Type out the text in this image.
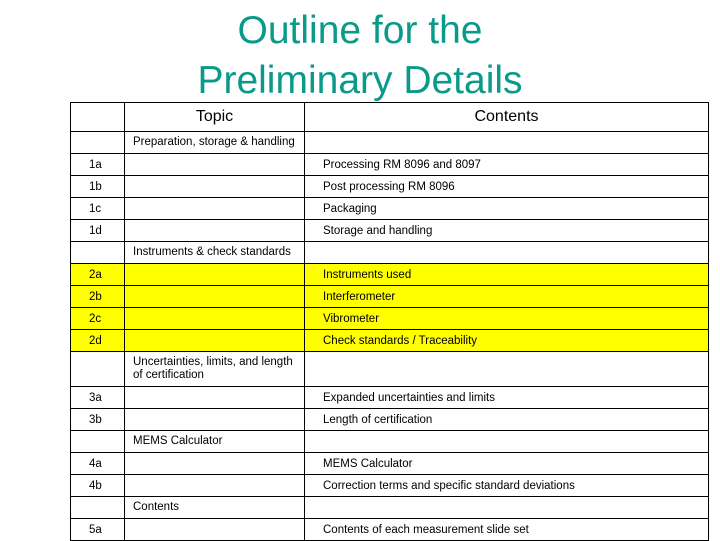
Outline for the
Preliminary Details
	Topic	Contents
	Preparation, storage & handling	
1a		Processing RM 8096 and 8097
1b		Post processing RM 8096
1c		Packaging
1d		Storage and handling
	Instruments & check standards	
2a		Instruments used
2b		Interferometer
2c		Vibrometer
2d		Check standards / Traceability
	Uncertainties, limits, and length of certification	
3a		Expanded uncertainties and limits
3b		Length of certification
	MEMS Calculator	
4a		MEMS Calculator
4b		Correction terms and specific standard deviations
	Contents	
5a		Contents of each measurement slide set
